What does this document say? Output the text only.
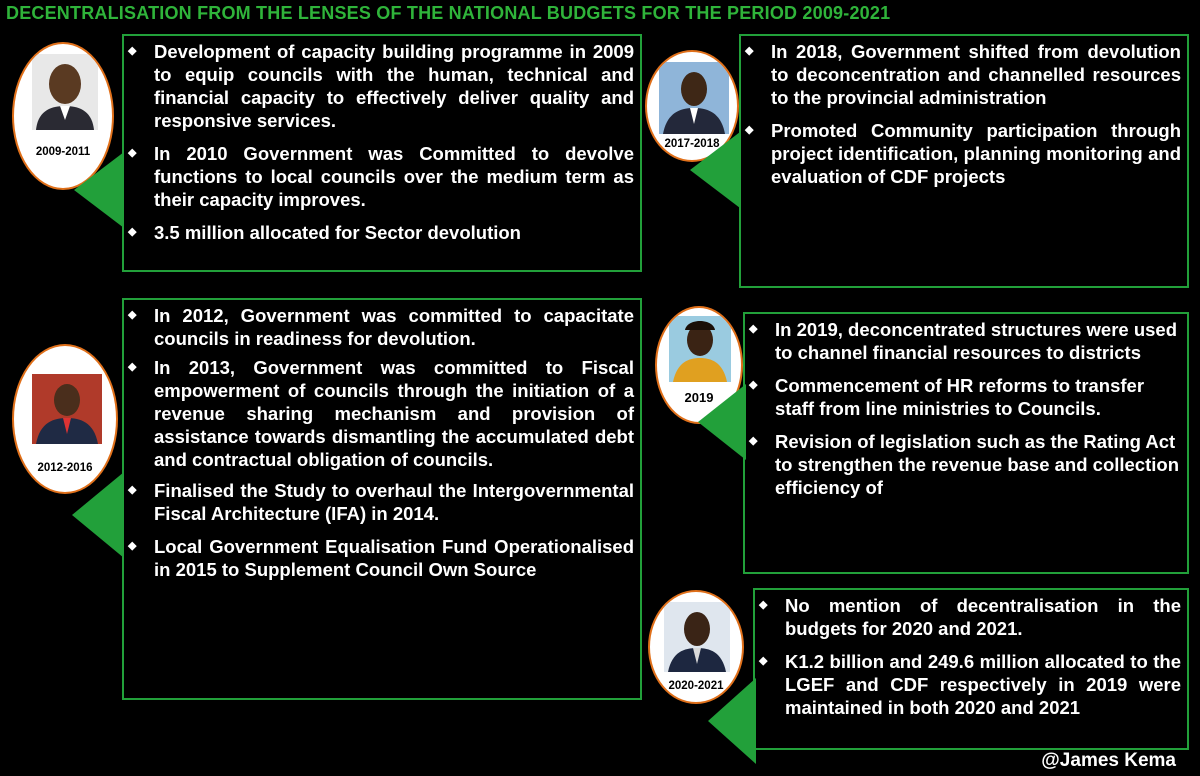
DECENTRALISATION FROM THE LENSES OF THE NATIONAL BUDGETS FOR THE PERIOD 2009-2021
2009-2011
◆ Development of capacity building programme in 2009 to equip councils with the human, technical and financial capacity to effectively deliver quality and responsive services.
◆ In 2010 Government was Committed to devolve functions to local councils over the medium term as their capacity improves.
◆ 3.5 million allocated for Sector devolution
2012-2016
◆ In 2012, Government was committed to capacitate councils in readiness for devolution.
◆ In 2013, Government was committed to Fiscal empowerment of councils through the initiation of a revenue sharing mechanism and provision of assistance towards dismantling the accumulated debt and contractual obligation of councils.
◆ Finalised the Study to overhaul the Intergovernmental Fiscal Architecture (IFA) in 2014.
◆ Local Government Equalisation Fund Operationalised in 2015 to Supplement Council Own Source
2017-2018
◆ In 2018, Government shifted from devolution to deconcentration and channelled resources to the provincial administration
◆ Promoted Community participation through project identification, planning monitoring and evaluation of CDF projects
2019
◆ In 2019, deconcentrated structures were used to channel financial resources to districts
◆ Commencement of HR reforms to transfer staff from line ministries to Councils.
◆ Revision of legislation such as the Rating Act to strengthen the revenue base and collection efficiency of
2020-2021
◆ No mention of decentralisation in the budgets for 2020 and 2021.
◆ K1.2 billion and 249.6 million allocated to the LGEF and CDF respectively in 2019 were maintained in both 2020 and 2021
@James Kema
